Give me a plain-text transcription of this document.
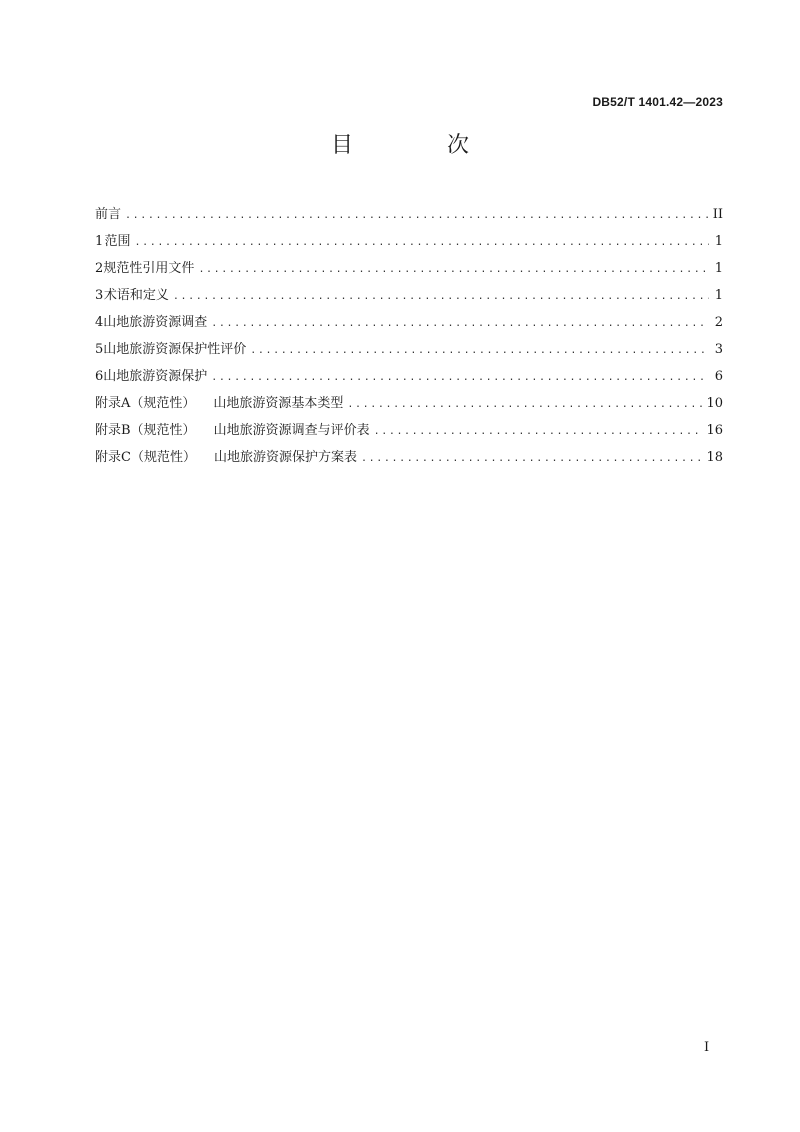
DB52/T 1401.42—2023
目　次
前言 .....	II
1 范围 .....	1
2 规范性引用文件 .....	1
3 术语和定义 .....	1
4 山地旅游资源调查 .....	2
5 山地旅游资源保护性评价 .....	3
6 山地旅游资源保护 .....	6
附录A（规范性） 山地旅游资源基本类型 .....	10
附录B（规范性） 山地旅游资源调查与评价表 .....	16
附录C（规范性） 山地旅游资源保护方案表 .....	18
I
